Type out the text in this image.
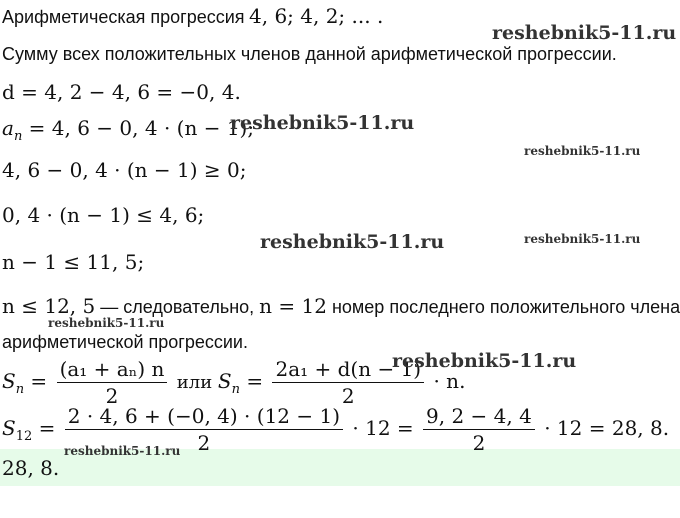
Арифметическая прогрессия 4, 6; 4, 2; ... .
Сумму всех положительных членов данной арифметической прогрессии.
d = 4, 2 − 4, 6 = −0, 4.
$a_n = 4$, 6 − 0, 4 · (n − 1);
4, 6 − 0, 4 · (n − 1) ≥ 0;
0, 4 · (n − 1) ≤ 4, 6;
n − 1 ≤ 11, 5;
n ≤ 12, 5 — следовательно, n = 12 номер последнего положительного члена
арифметической прогрессии.
$S_n = \frac{\text{(a₁ + aₙ) n}}{2}$ или $S_n = \frac{\text{2a₁ + d(n − 1)}}{2} \cdot n$.
$S_{12} = \frac{2 \cdot 4, 6 + (-0, 4) \cdot (12 - 1)}{2} \cdot 12 = \frac{9, 2 - 4, 4}{2} \cdot 12 = 28$, 8.
28, 8.
reshebnik5-11.ru
reshebnik5-11.ru
reshebnik5-11.ru
reshebnik5-11.ru	reshebnik5-11.ru
reshebnik5-11.ru
reshebnik5-11.ru
reshebnik5-11.ru
